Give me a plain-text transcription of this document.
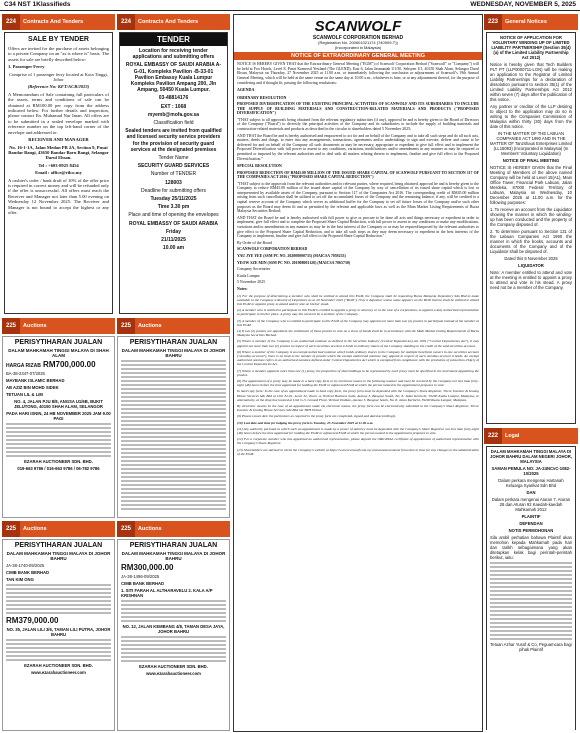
C34 NST 1Klassifieds	WEDNESDAY, NOVEMBER 5, 2025
224	Contracts And Tenders
SALE BY TENDER
Offers are invited for the purchase of assets belonging to a private Company on an "as is where is" basis. The assets for sale are briefly described below:
1. Passenger Ferry
Comprise of 1 passenger ferry located at Kota Tinggi, Johor
(Reference No: KFT/ACR/2023)
A Memorandum of Sale containing full particulars of the assets, terms and conditions of sale can be obtained at RM100.00 per copy from the address indicated below. For further details and inspection, please contact En. Muhamad Nur Iman. All offers are to be submitted in a sealed envelope marked with reference number on the top left-hand corner of the envelope and addressed to:
RECEIVER AND MANAGER
No. 16-1-1A, Jalan Medan PB 2A, Section 9, Pusat Bandar Bangi, 43650 Bandar Baru Bangi, Selangor Darul Ehsan.
Tel : +603-8925 8454
Email : office@rilco.my
A cashier's order / bank draft of 10% of the offer price is required in correct money and will be refunded only if the offer is unsuccessful. All offers must reach the Receiver and Manager not later than 5.00 evening on Wednesday 12 November 2025. The Receiver and Manager is not bound to accept the highest or any offer.
224	Contracts And Tenders
TENDER
Location for receiving tender applications and submitting offers
ROYAL EMBASSY OF SAUDI ARABIA A-G-01, Kompleks Pavilion -B-33-01 Pavilion Embassy Kuala Lumpur Kompleks Pavilion Ampang 200, Jln Ampang, 50450 Kuala Lumpur.
03-48814176
EXT : 1068
myemb@mofa.gov.sa
Classification field
Sealed tenders are invited from qualified and licensed security service providers for the provision of security guard services at the designated premises
Tender Name
SECURITY GUARD SERVICES
Number of TENDER
128003
Deadline for submitting offers
Tuesday 25/11/2025
Time 3.30 pm
Place and time of opening the envelopes
ROYAL EMBASSY OF SAUDI ARABIA
Friday
21/11/2025
10.00 am
SCANWOLF
SCANWOLF CORPORATION BERHAD
(Registration No. 200601021174 (740909-T))
(Incorporated in Malaysia)
NOTICE OF EXTRAORDINARY GENERAL MEETING
NOTICE IS HEREBY GIVEN THAT that the Extraordinary General Meeting ("EGM") of Scanwolf Corporation Berhad ("Scanwolf" or "Company") will be held at Fox Hotels, Level 8, Pusat Komersil Yestland (The GLEND), East 6, Jalan Jasmaniah U1/30, Seksyen U1, 40150 Shah Alam, Selangor Darul Ehsan, Malaysia on Thursday, 27 November 2025 at 11.00 a.m. or immediately following the conclusion or adjournment of Scanwolf's 19th Annual General Meeting, which will be held at the same venue on the same day at 10.00 a.m., whichever is later, or at any adjournment thereof, for the purpose of considering and if thought fit, passing the following resolutions:
AGENDA
ORDINARY RESOLUTION
PROPOSED DIVERSIFICATION OF THE EXISTING PRINCIPAL ACTIVITIES OF SCANWOLF AND ITS SUBSIDIARIES TO INCLUDE THE SUPPLY OF BUILDING MATERIALS AND CONSTRUCTION-RELATED MATERIALS AND PRODUCTS ("PROPOSED DIVERSIFICATION")
"THAT subject to all approvals being obtained from the relevant regulatory authorities (if any), approval be and is hereby given to the Board of Directors of the Company ("Board") to diversify the principal activities of the Company and its subsidiaries to include the supply of building materials and construction-related materials and products as described in the circular to shareholders dated 5 November 2025;
AND THAT the Board be and is hereby authorised and empowered to act for and on behalf of the Company and to take all such steps and do all such acts, matters, deeds and things, to enter into any arrangements, transactions, agreements and/or undertakings to sign and execute, deliver and cause to be delivered for and on behalf of the Company all such documents as may be necessary, appropriate or expedient to give full effect and to implement the Proposed Diversification with full power to assent to any conditions, variations, modifications and/or amendments in any manner as may be required or permitted or imposed by the relevant authorities and to deal with all matters relating thereto to implement, finalise and give full effect to the Proposed Diversification."
SPECIAL RESOLUTION
PROPOSED REDUCTION OF RM45.00 MILLION OF THE ISSUED SHARE CAPITAL OF SCANWOLF PURSUANT TO SECTION 117 OF THE COMPANIES ACT 2016 ("PROPOSED SHARE CAPITAL REDUCTION")
"THAT subject to the approvals from the relevant authorities and/or relevant parties, where required, being obtained, approval be and is hereby given to the Company to reduce RM45.00 million of the issued share capital of the Company by way of cancellation of its issued share capital which is lost or unrepresented by available assets of the Company, pursuant to Section 117 of the Companies Act 2016. The corresponding credit of RM45.00 million arising from such cancellation shall be utilised to set off the accumulated losses of the Company and the remaining balance, if any, will be credited to a capital reserve account of the Company which serves as additional buffer for the Company to set off future losses of the Company and/or such other purposes as the Board may deem fit and as permitted by the relevant and applicable laws as well as the Main Market Listing Requirements of Bursa Malaysia Securities Berhad;
AND THAT the Board be and is hereby authorised with full power to give or procure to be done all acts and things necessary or expedient in order to implement, give full effect and to complete the Proposed Share Capital Reduction, with full power to assent to any conditions or make any modifications, variations and/or amendments in any manner as may be in the best interest of the Company or as may be required/imposed by the relevant authorities to give effect to the Proposed Share Capital Reduction, and to take all such steps as they may deem necessary or expedient in the best interests of the Company to implement, finalise and give full effect to the Proposed Share Capital Reduction."
By Order of the Board
SCANWOLF CORPORATION BERHAD
YAU JYE YEE (SSM PC NO. 202008000733) (MAICSA 7059233)
YEOW SZE MIN (SSM PC NO. 201908003120) (MAICSA 7065730)
Company Secretaries
Kuala Lumpur
5 November 2025
Notes:
(1) For the purpose of determining a member who shall be entitled to attend this EGM, the Company shall be requesting Bursa Malaysia Depository Sdn Bhd to make available to the Company a Record of Depositors as at 20 November 2025 ("ROD"). Only a depositor whose name appears on the ROD thereto shall be entitled to attend this EGM or appoint proxy to attend and/or vote on his/her stead.
(2) A member who is entitled to participate in this EGM is entitled to appoint a proxy or attorney or in the case of a corporation, to appoint a duly authorised representative to participate in his/her place. A proxy may but need not be a member of the Company.
(3) A member of the Company who is entitled to participate in this EGM of the Company may appoint not more than two (2) proxies to participate instead of the member at this EGM.
(4) If two (2) proxies are appointed, the entitlement of those proxies to vote on a show of hands shall be in accordance with the Main Market Listing Requirements of Bursa Malaysia Securities Berhad.
(5) Where a member of the Company is an authorised nominee as defined in the Securities Industry (Central Depositories) Act 1991 ("Central Depositories Act"), it may appoint not more than two (2) proxies in respect of each securities account it holds in ordinary shares of the Company standing to the credit of the said securities account.
(6) Where a member of the Company is an exempt authorised nominee which holds ordinary shares in the Company for multiple beneficial owners in one securities account ("omnibus account"), there is no limit to the number of proxies which the exempt authorised nominee may appoint in respect of each omnibus account it holds. An exempt authorised nominee refers to an authorised nominee defined under Central Depositories Act which is exempted from compliance with the provisions of subsection 25A(1) of the Central Depositories Act.
(7) Where a member appoints more than one (1) proxy, the proportion of shareholdings to be represented by each proxy must be specified in the instrument appointing the proxies.
(8) The appointment of a proxy may be made in a hard copy form or by electronic means in the following manner and must be received by the Company not less than forty-eight (48) hours before the time appointed for holding the EGM or adjourned EGM at which the person named in the appointment proposes to vote:
In hard copy form: In the case of an appointment made in hard copy form, the proxy form must be deposited with the Company's Share Registrar, Tricor Investor & Issuing House Services Sdn Bhd at Unit 32-01, Level 32, Tower A, Vertical Business Suite, Avenue 3, Bangsar South, No. 8, Jalan Kerinchi, 59200 Kuala Lumpur, Malaysia, or alternatively, at the drop box located at Unit G-3, Ground Floor, Vertical Podium, Avenue 3, Bangsar South, No. 8, Jalan Kerinchi, 59200 Kuala Lumpur, Malaysia.
By electronic means: In the case of an appointment made via electronic means, the proxy form can be electronically submitted to the Company's Share Registrar, Tricor Investor & Issuing House Services Sdn Bhd via TIIH Online.
(9) Please ensure ALL the particulars as required in the proxy form are completed, signed and dated accordingly.
(10) Last date and time for lodging the proxy form is Tuesday, 25 November 2025 at 11.00 a.m.
(11) Any authority pursuant to which such an appointment is made by a power of attorney must be deposited with the Company's Share Registrar not less than forty-eight (48) hours before the time appointed for holding the EGM or adjourned EGM at which the person named in the appointment proposes to vote.
(12) For a corporate member who has appointed an authorised representative, please deposit the ORIGINAL certificate of appointment of authorised representative with the Company's Share Registrar.
(13) Shareholders are advised to check the Company's website at https://www.scanwolf.com.my and announcements from time to time for any changes to the administration of the EGM.
223	General Notices
NOTICE OF APPLICATION FOR VOLUNTARY WINDING UP OF LIMITED LIABILITY PARTNERSHIP (Section 35(4)(a) of the Limited Liability Partnership Act 2012)
Notice is hereby given that Tech Builders PLT PT (LLP0000711-LGN) will be making an application to the Registrar of Limited Liability Partnerships for a declaration of dissolution pursuant to section 35(1) of the Limited Liability Partnerships Act 2012 within seven (7) days after the publication of this notice.
Any partner or creditor of the LLP desiring to object to the application may do so in writing to the Companies Commission of Malaysia within thirty (30) days from the date of this notice.
IN THE MATTER OF THE LABUAN COMPANIES ACT 1990 AND IN THE MATTER OF Tanzshaus Enterprises Limited (LL15093) (Incorporated in Malaysia) (In Members' Voluntary Liquidation)
NOTICE OF FINAL MEETING
NOTICE IS HEREBY GIVEN that the Final Meeting of Members of the above named Company will be held at Level 15(A1), Main Office Tower, Financial Park Labuan, Jalan Merdeka, 87000 Federal Territory of Labuan, Malaysia on Wednesday, 10 December 2025 at 11.00 a.m. for the following purposes:
1. To receive an account from the Liquidator showing the manner in which the winding-up has been conducted and the property of the Company disposed of.
2. To determine pursuant to Section 131 of the Labuan Companies Act 1990 the manner in which the books, accounts and documents of the Company and of the Liquidator shall be disposed of.
Dated this 5 November 2025
LIQUIDATOR
Note: A member entitled to attend and vote at the meeting is entitled to appoint a proxy to attend and vote in his stead. A proxy need not be a member of the Company.
222	Legal
DALAM MAHKAMAH TINGGI MALAYA DI JOHOR BAHRU DALAM NEGERI JOHOR, MALAYSIA
SAMAN PEMULA NO: JA-24NCvC-1082-10/2025
Dalam perkara mengenai Hartanah Keluarga Syarikat Sdn Bhd
DAN
Dalam perkara mengenai Aturan 7, Aturan 28 dan Aturan 92 Kaedah-kaedah Mahkamah 2012
PLAINTIF
DEFENDAN
NOTIS PERMOHONAN
Sila ambil perhatian bahawa Plaintif akan memohon kepada Mahkamah pada hari dan tarikh sebagaimana yang akan ditetapkan kelak bagi perintah-perintah berikut, iaitu:
Tetuan Azhar Yusof & Co, Peguamcara bagi pihak Plaintif
225	Auctions	225	Auctions
PERISYTIHARAN JUALAN
DALAM MAHKAMAH TINGGI MALAYA DI SHAH ALAM
HARGA RIZAB RM700,000.00
BA-38-2347-07/2025
MAYBANK ISLAMIC BERHAD
AB AZIZ BIN MOHD SIDEK
TETUAN LIL & LIM
NO. 4, JALAN PJU 8/8, ANGSA U1/6B, BUKIT JELUTONG, 40150 SHAH ALAM, SELANGOR
PADA HARI ISNIN, 24 HB NOVEMBER 2025 JAM 9.00 PAGI
EZARAH AUCTIONEER SDN. BHD.
019-663 9786 / 016-663 9786 / 06-782 9786
PERISYTIHARAN JUALAN
DALAM MAHKAMAH TINGGI MALAYA DI JOHOR BAHRU
225	Auctions	225	Auctions
PERISYTIHARAN JUALAN
DALAM MAHKAMAH TINGGI MALAYA DI JOHOR BAHRU
JA-38-1740-09/2025
CIMB BANK BERHAD
TAN KIM ONG
RM379,000.00
NO. 35, JALAN LILI 3/6, TAMAN LILI PUTRA, JOHOR BAHRU
EZARAH AUCTIONEER SDN. BHD.
www.ezarahauctioneer.com
PERISYTIHARAN JUALAN
DALAM MAHKAMAH TINGGI MALAYA DI JOHOR BAHRU
RM300,000.00
JA-38-1496-09/2025
CIMB BANK BERHAD
1. SITI FARAH AL ALTHARAVELU 2. KALA A/P KRISHNAN
NO. 12, JALAN KEMBANG 4/8, TAMAN DESA JAYA, JOHOR BAHRU
EZARAH AUCTIONEER SDN. BHD.
www.ezarahauctioneer.com
